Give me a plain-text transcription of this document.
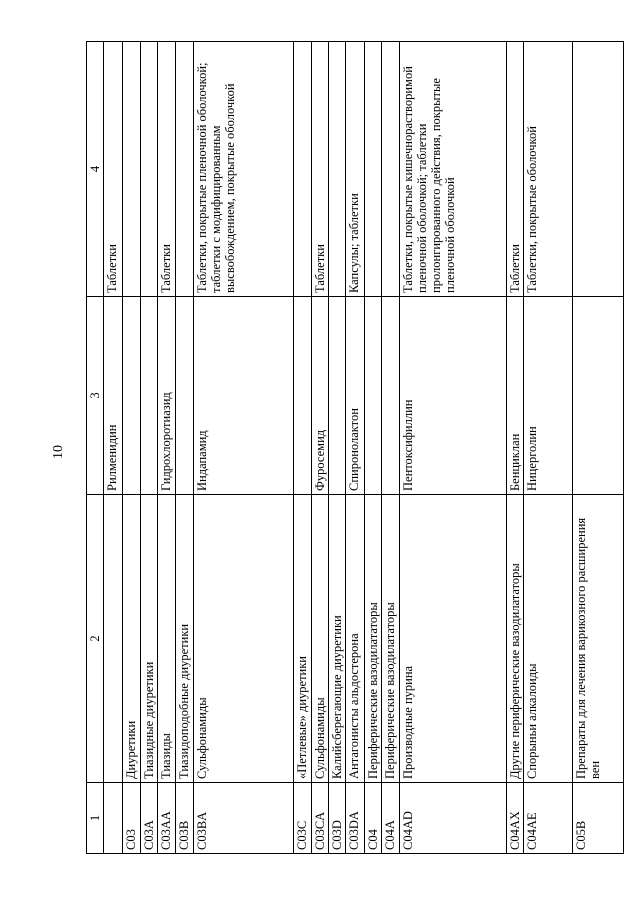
10
1	2	3	4
		Рилменидин	Таблетки
C03	Диуретики		
C03A	Тиазидные диуретики		
C03AA	Тиазиды	Гидрохлоротиазид	Таблетки
C03B	Тиазидоподобные диуретики		
C03BA	Сульфонамиды	Индапамид	Таблетки, покрытые пленочной оболочкой; таблетки с модифицированным высвобождением, покрытые оболочкой
C03C	«Петлевые» диуретики		
C03CA	Сульфонамиды	Фуросемид	Таблетки
C03D	Калийсберегающие диуретики		
C03DA	Антагонисты альдостерона	Спиронолактон	Капсулы; таблетки
C04	Периферические вазодилататоры		
C04A	Периферические вазодилататоры		
C04AD	Производные пурина	Пентоксифиллин	Таблетки, покрытые кишечнорастворимой пленочной оболочкой; таблетки пролонгированного действия, покрытые пленочной оболочкой
C04AX	Другие периферические вазодилататоры	Бенциклан	Таблетки
C04AE	Спорыньи алкалоиды	Ницерголин	Таблетки, покрытые оболочкой
C05B	Препараты для лечения варикозного расширения вен		
